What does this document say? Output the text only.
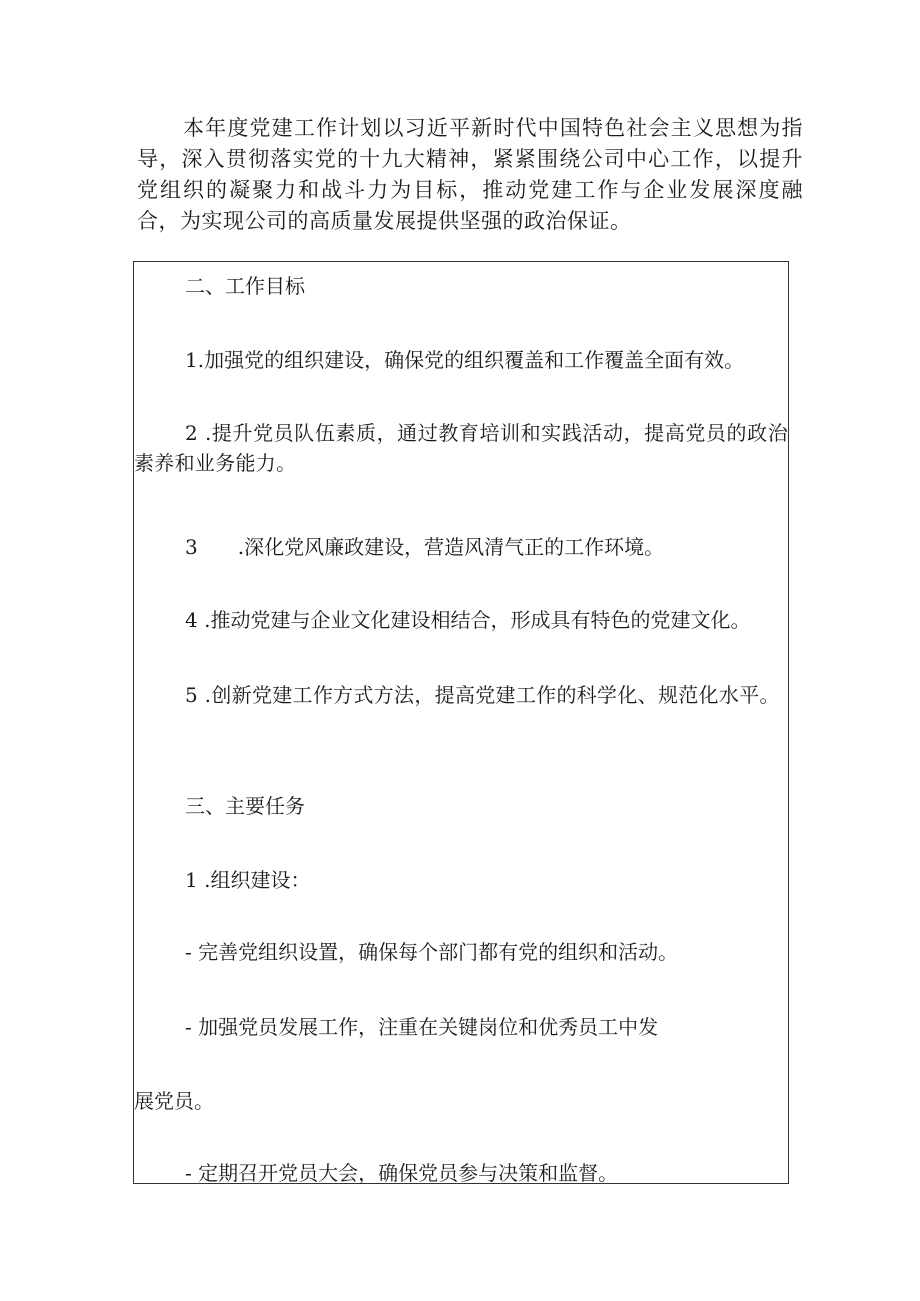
本年度党建工作计划以习近平新时代中国特色社会主义思想为指导，深入贯彻落实党的十九大精神，紧紧围绕公司中心工作，以提升党组织的凝聚力和战斗力为目标，推动党建工作与企业发展深度融合，为实现公司的高质量发展提供坚强的政治保证。

二、工作目标

1.加强党的组织建设，确保党的组织覆盖和工作覆盖全面有效。

2 .提升党员队伍素质，通过教育培训和实践活动，提高党员的政治素养和业务能力。

3 .深化党风廉政建设，营造风清气正的工作环境。

4 .推动党建与企业文化建设相结合，形成具有特色的党建文化。

5 .创新党建工作方式方法，提高党建工作的科学化、规范化水平。

三、主要任务

1 .组织建设：

- 完善党组织设置，确保每个部门都有党的组织和活动。

- 加强党员发展工作，注重在关键岗位和优秀员工中发

展党员。

- 定期召开党员大会，确保党员参与决策和监督。
